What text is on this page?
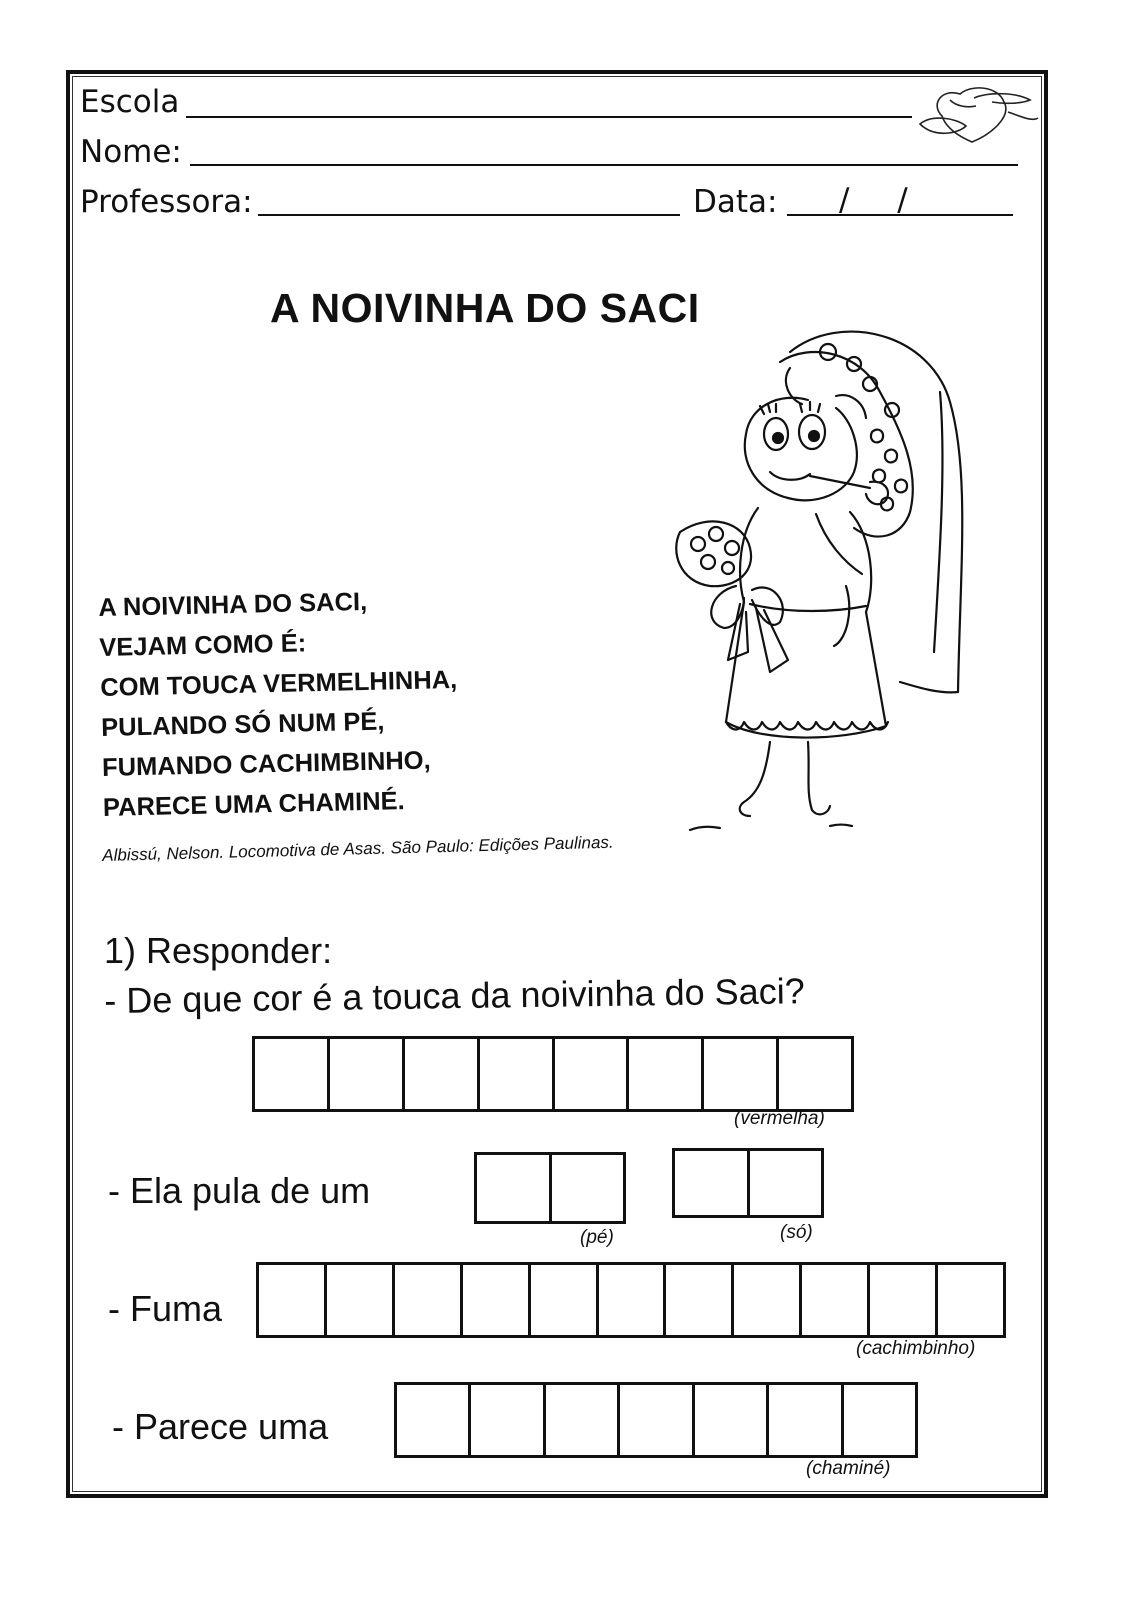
Escola
Nome:
Professora:	Data: / /
A NOIVINHA DO SACI
A NOIVINHA DO SACI,
VEJAM COMO É:
COM TOUCA VERMELHINHA,
PULANDO SÓ NUM PÉ,
FUMANDO CACHIMBINHO,
PARECE UMA CHAMINÉ.
Albissú, Nelson. Locomotiva de Asas. São Paulo: Edições Paulinas.
1) Responder:
- De que cor é a touca da noivinha do Saci?
(vermelha)
- Ela pula de um
(pé)	(só)
- Fuma
(cachimbinho)
- Parece uma
(chaminé)
